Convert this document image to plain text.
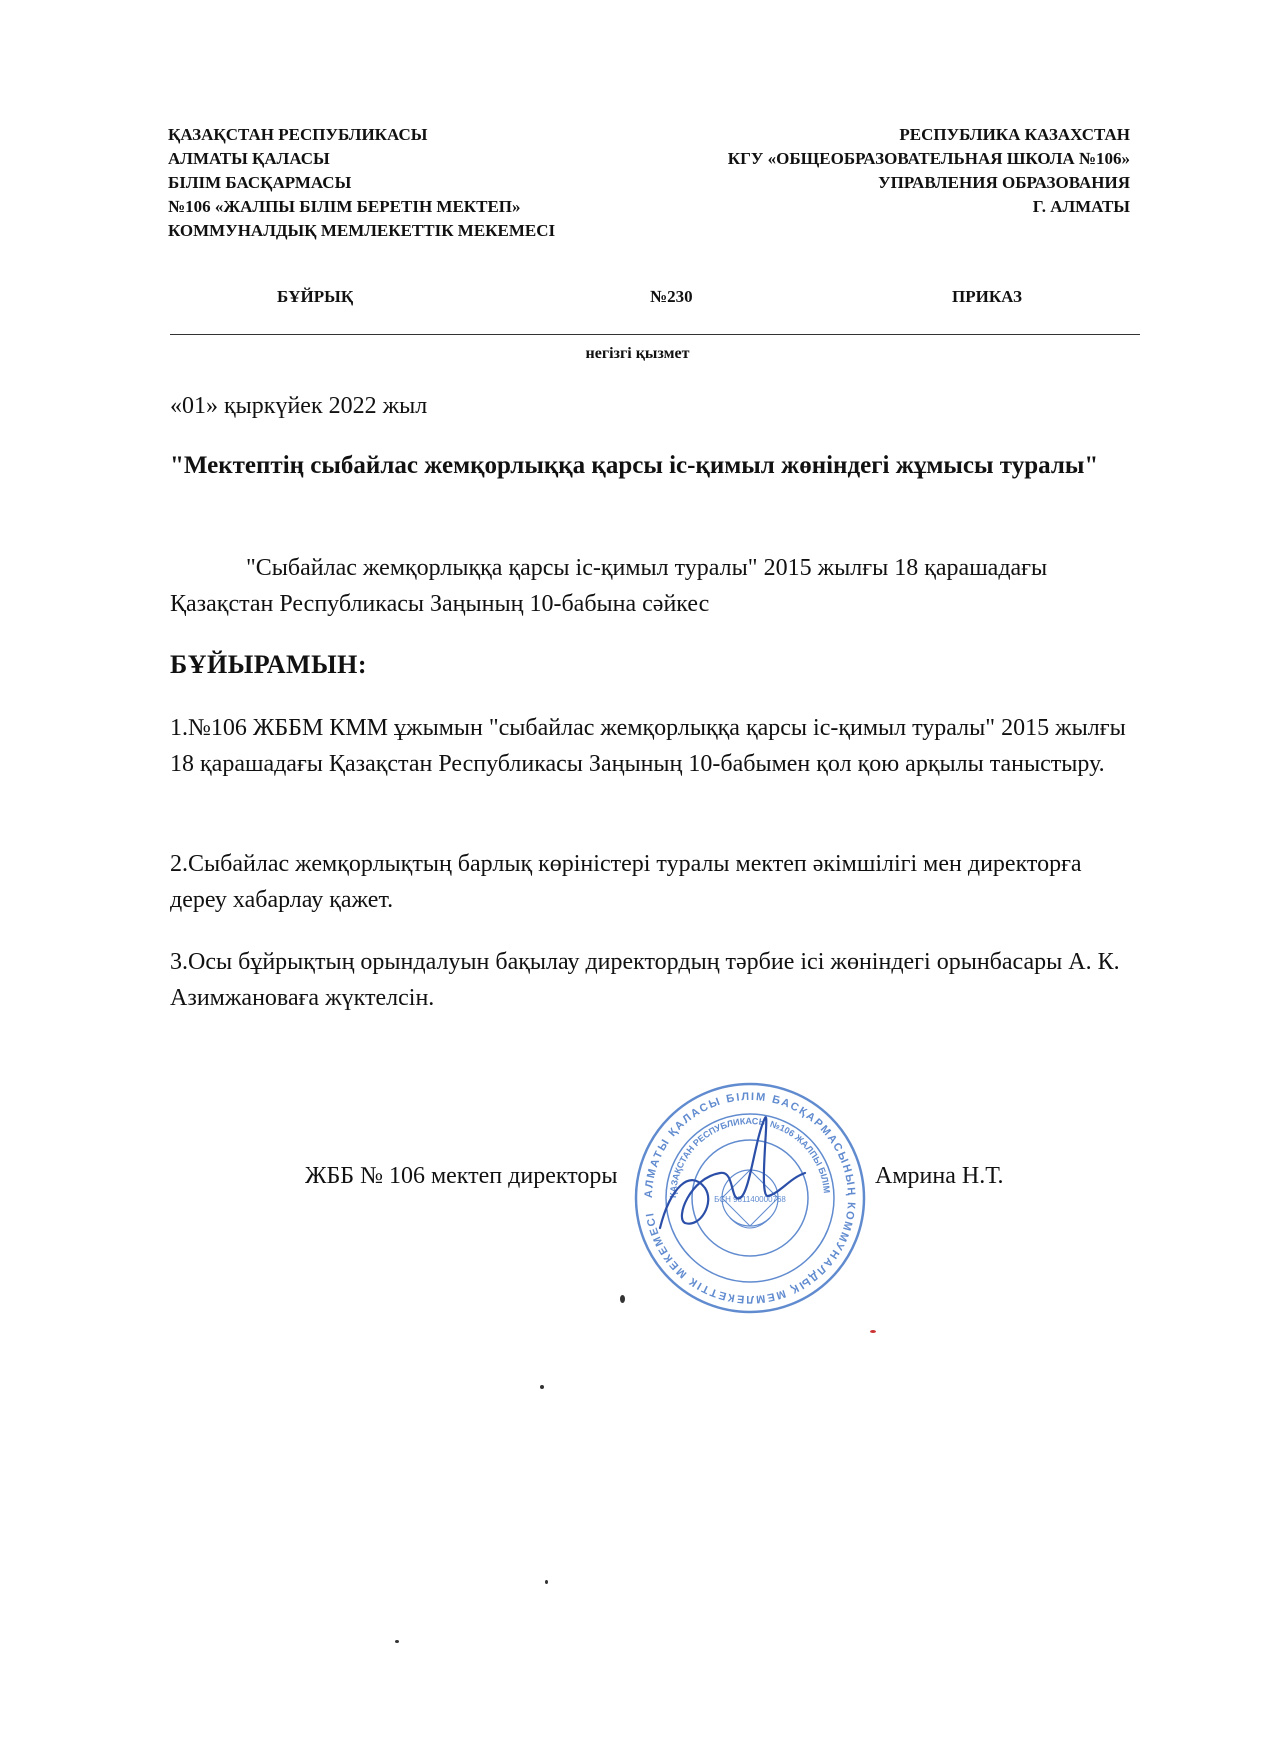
ҚАЗАҚСТАН РЕСПУБЛИКАСЫ
АЛМАТЫ ҚАЛАСЫ
БІЛІМ БАСҚАРМАСЫ
№106 «ЖАЛПЫ БІЛІМ БЕРЕТІН МЕКТЕП»
КОММУНАЛДЫҚ МЕМЛЕКЕТТІК МЕКЕМЕСІ
РЕСПУБЛИКА КАЗАХСТАН
КГУ «ОБЩЕОБРАЗОВАТЕЛЬНАЯ ШКОЛА №106»
УПРАВЛЕНИЯ ОБРАЗОВАНИЯ
Г. АЛМАТЫ
БҰЙРЫҚ	№230	ПРИКАЗ
негізгі қызмет
«01» қыркүйек 2022 жыл
"Мектептің сыбайлас жемқорлыққа қарсы іс-қимыл жөніндегі жұмысы туралы"
"Сыбайлас жемқорлыққа қарсы іс-қимыл туралы" 2015 жылғы 18 қарашадағы Қазақстан Республикасы Заңының 10-бабына сәйкес
БҰЙЫРАМЫН:
1.№106 ЖББМ КММ ұжымын "сыбайлас жемқорлыққа қарсы іс-қимыл туралы" 2015 жылғы 18 қарашадағы Қазақстан Республикасы Заңының 10-бабымен қол қою арқылы таныстыру.
2.Сыбайлас жемқорлықтың барлық көріністері туралы мектеп әкімшілігі мен директорға дереу хабарлау қажет.
3.Осы бұйрықтың орындалуын бақылау директордың тәрбие ісі жөніндегі орынбасары А. К. Азимжановаға жүктелсін.
ЖББ № 106 мектеп директоры	Амрина Н.Т.
АЛМАТЫ ҚАЛАСЫ БІЛІМ БАСҚАРМАСЫНЫҢ КОММУНАЛДЫҚ МЕМЛЕКЕТТІК МЕКЕМЕСІ
ҚАЗАҚСТАН РЕСПУБЛИКАСЫ №106 ЖАЛПЫ БІЛІМ
БСН 981140000768
